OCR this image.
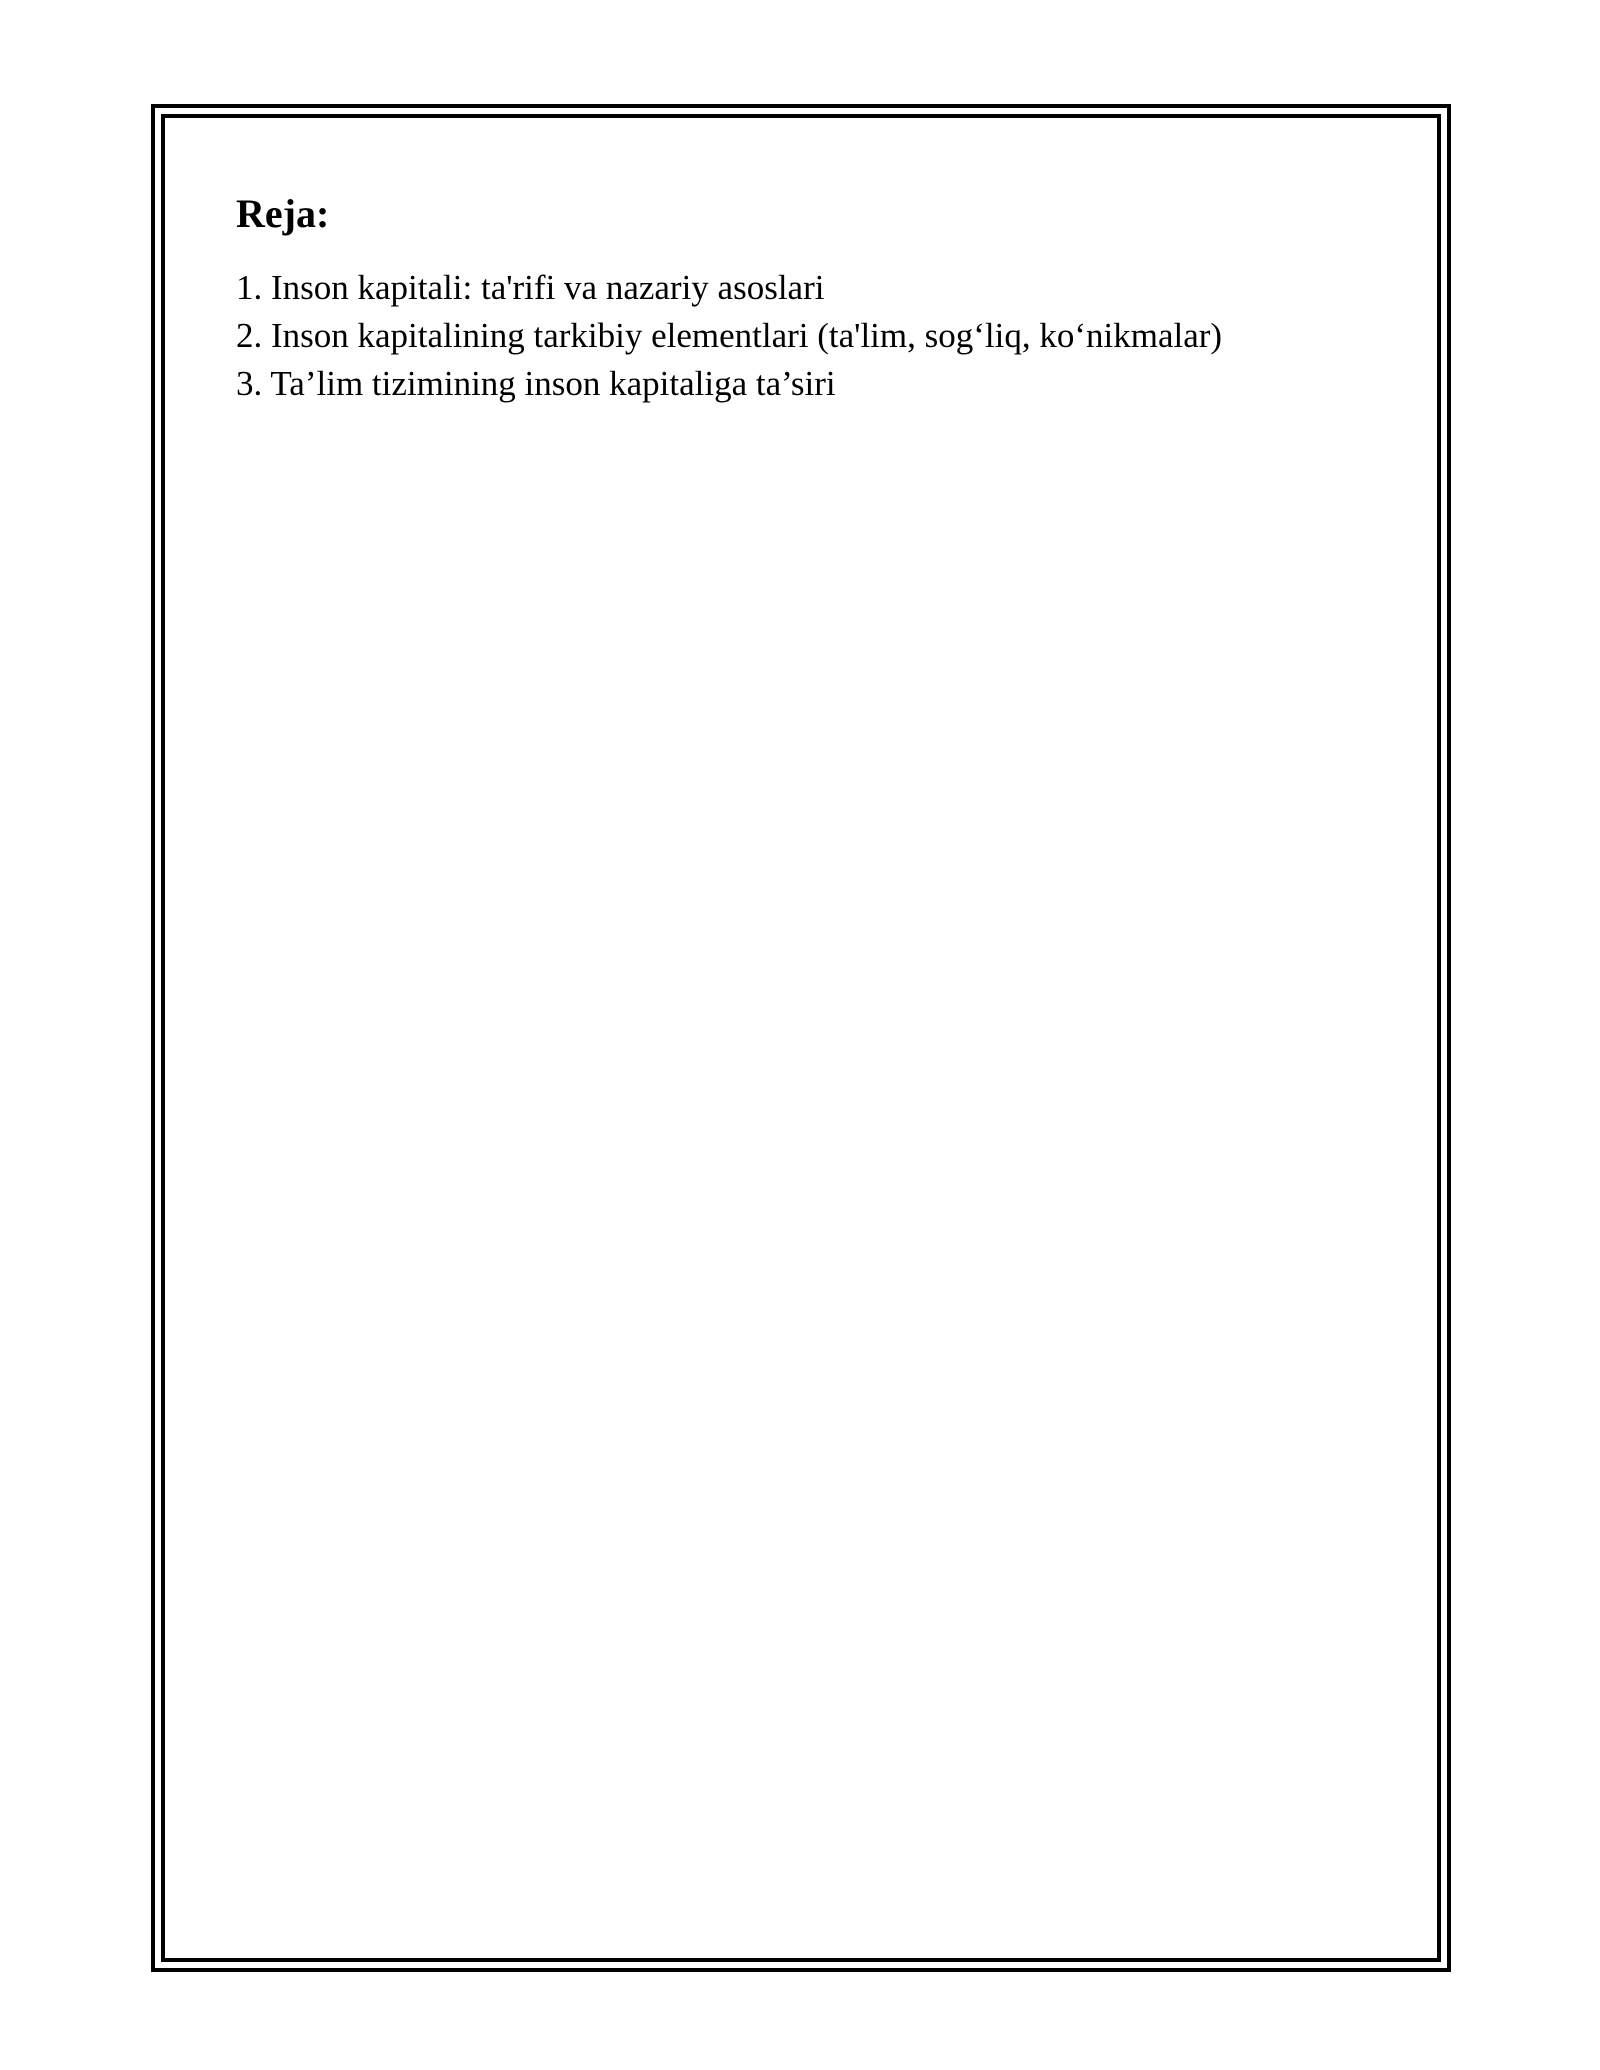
Reja:
1. Inson kapitali: ta'rifi va nazariy asoslari
2. Inson kapitalining tarkibiy elementlari (ta'lim, sog‘liq, ko‘nikmalar)
3. Ta’lim tizimining inson kapitaliga ta’siri
